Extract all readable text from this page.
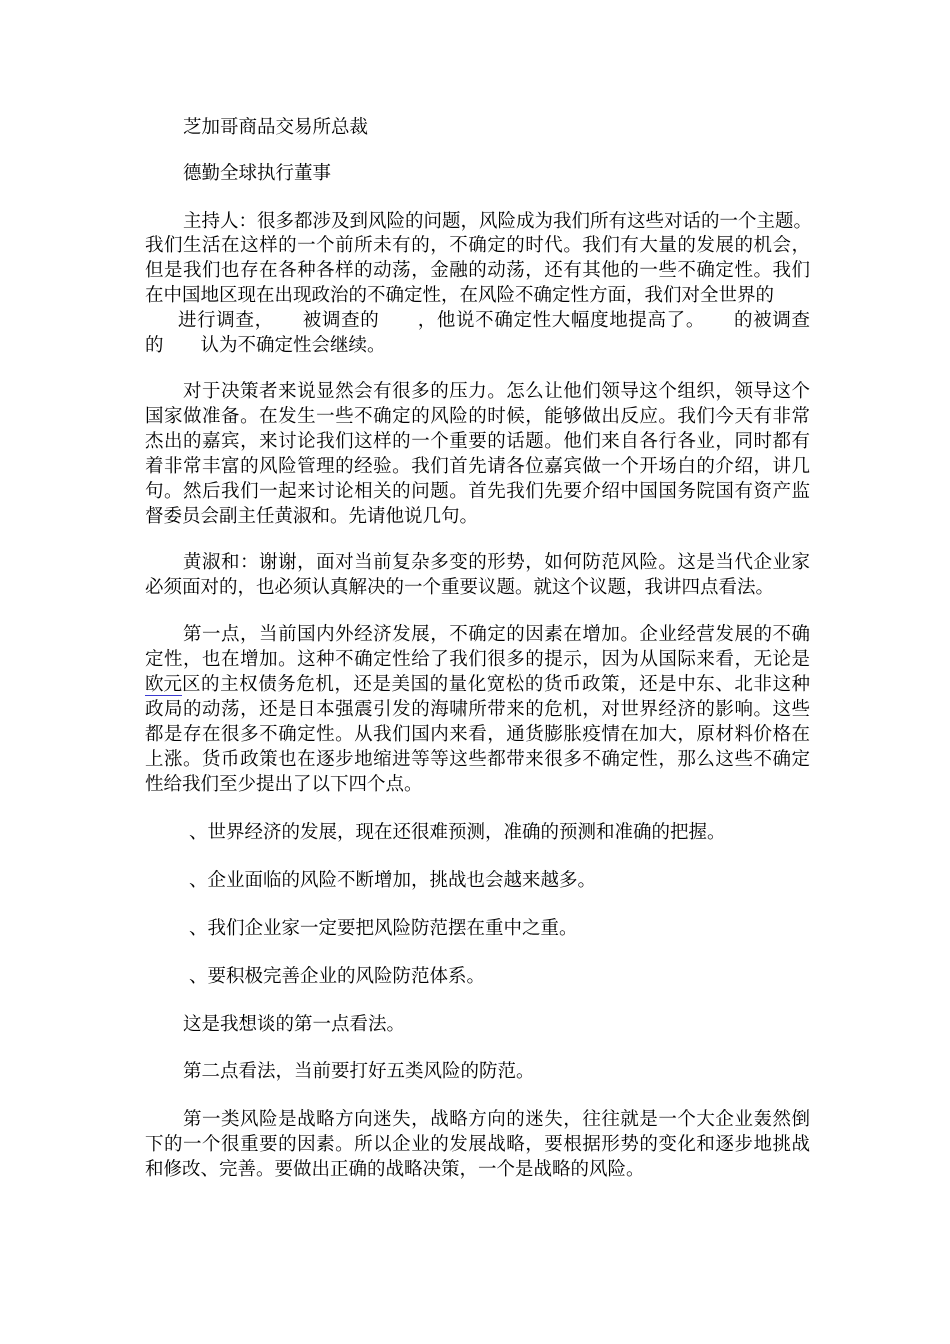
芝加哥商品交易所总裁
德勤全球执行董事
主持人：很多都涉及到风险的问题，风险成为我们所有这些对话的一个主题。
我们生活在这样的一个前所未有的，不确定的时代。我们有大量的发展的机会，
但是我们也存在各种各样的动荡，金融的动荡，还有其他的一些不确定性。我们
在中国地区现在出现政治的不确定性，在风险不确定性方面，我们对全世界的
进行调查，　　被调查的　　，他说不确定性大幅度地提高了。　　的被调查
的　　认为不确定性会继续。
对于决策者来说显然会有很多的压力。怎么让他们领导这个组织，领导这个
国家做准备。在发生一些不确定的风险的时候，能够做出反应。我们今天有非常
杰出的嘉宾，来讨论我们这样的一个重要的话题。他们来自各行各业，同时都有
着非常丰富的风险管理的经验。我们首先请各位嘉宾做一个开场白的介绍，讲几
句。然后我们一起来讨论相关的问题。首先我们先要介绍中国国务院国有资产监
督委员会副主任黄淑和。先请他说几句。
黄淑和：谢谢，面对当前复杂多变的形势，如何防范风险。这是当代企业家
必须面对的，也必须认真解决的一个重要议题。就这个议题，我讲四点看法。
第一点，当前国内外经济发展，不确定的因素在增加。企业经营发展的不确
定性，也在增加。这种不确定性给了我们很多的提示，因为从国际来看，无论是
欧元 区的主权债务危机，还是美国的量化宽松的货币政策，还是中东、北非这种
政局的动荡，还是日本强震引发的海啸所带来的危机，对世界经济的影响。这些
都是存在很多不确定性。从我们国内来看，通货膨胀疫情在加大，原材料价格在
上涨。货币政策也在逐步地缩进等等这些都带来很多不确定性，那么这些不确定
性给我们至少提出了以下四个点。
、世界经济的发展，现在还很难预测，准确的预测和准确的把握。
、企业面临的风险不断增加，挑战也会越来越多。
、我们企业家一定要把风险防范摆在重中之重。
、要积极完善企业的风险防范体系。
这是我想谈的第一点看法。
第二点看法，当前要打好五类风险的防范。
第一类风险是战略方向迷失，战略方向的迷失，往往就是一个大企业轰然倒
下的一个很重要的因素。所以企业的发展战略，要根据形势的变化和逐步地挑战
和修改、完善。要做出正确的战略决策，一个是战略的风险。
